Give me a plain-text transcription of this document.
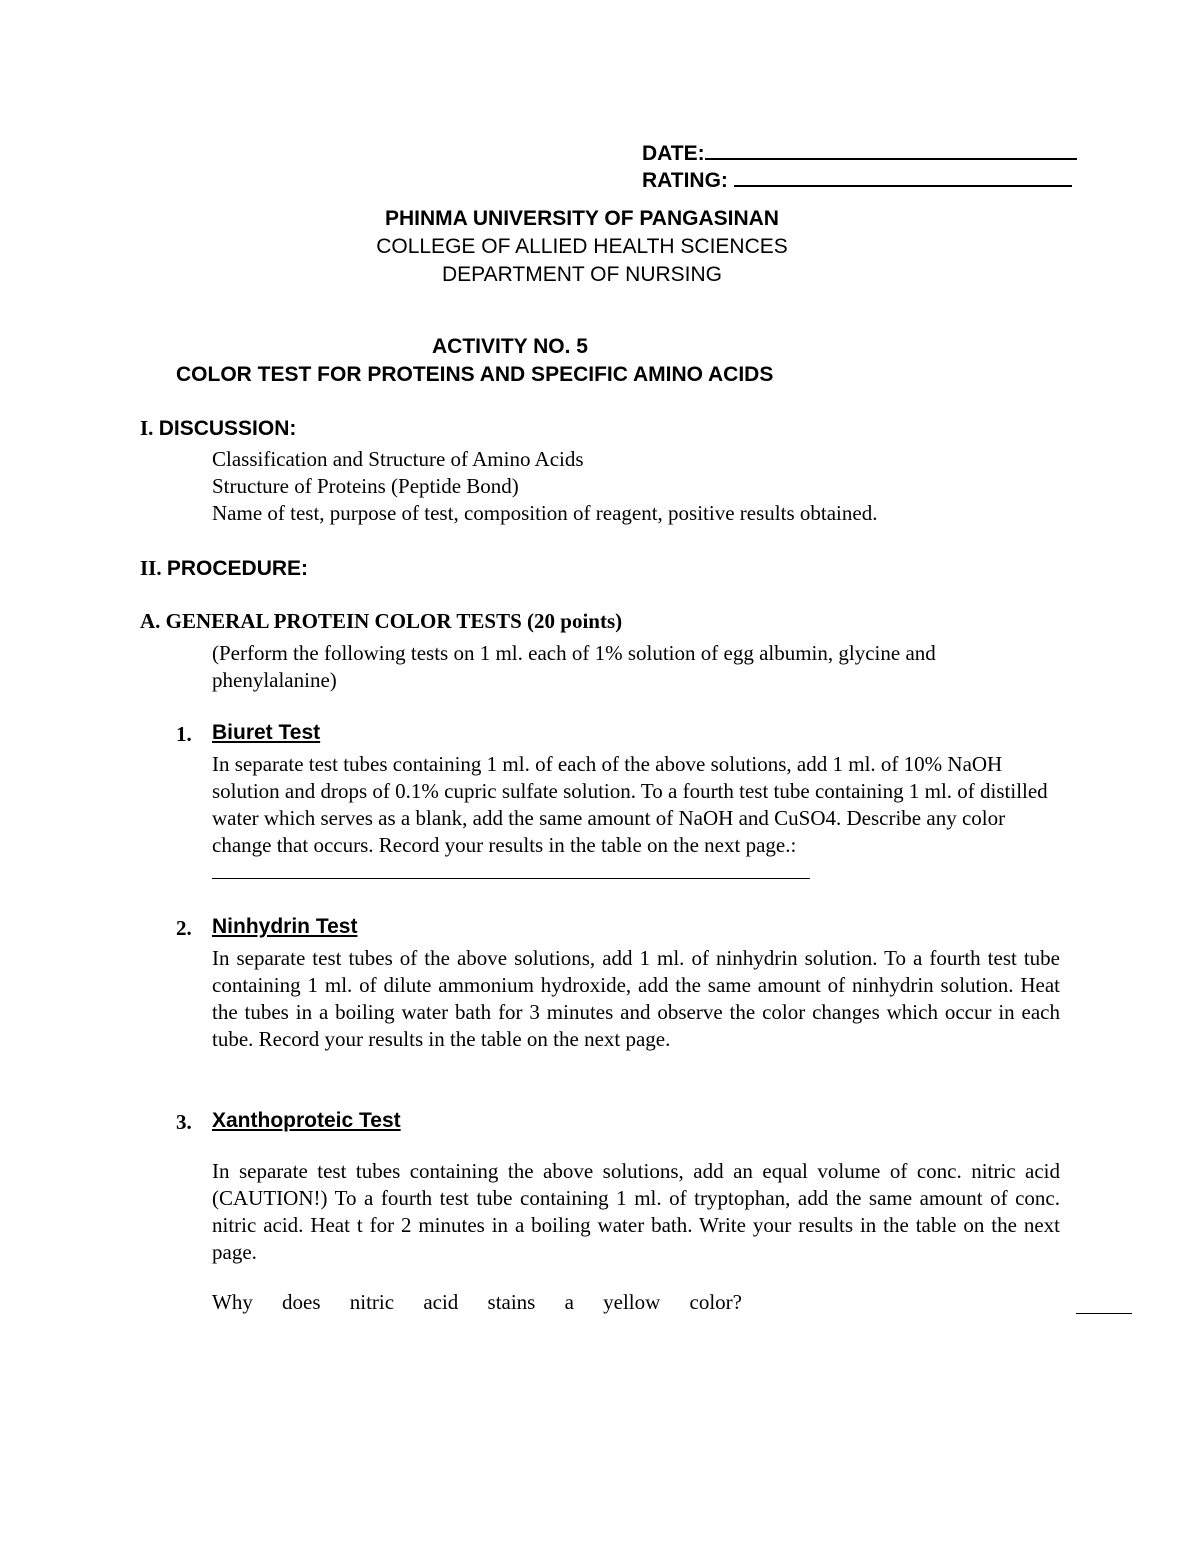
DATE:
RATING:
PHINMA UNIVERSITY OF PANGASINAN
COLLEGE OF ALLIED HEALTH SCIENCES
DEPARTMENT OF NURSING
ACTIVITY NO. 5
COLOR TEST FOR PROTEINS AND SPECIFIC AMINO ACIDS
I. DISCUSSION:
Classification and Structure of Amino Acids
Structure of Proteins (Peptide Bond)
Name of test, purpose of test, composition of reagent, positive results obtained.
II. PROCEDURE:
A. GENERAL PROTEIN COLOR TESTS (20 points)
(Perform the following tests on 1 ml. each of 1% solution of egg albumin, glycine and
phenylalanine)
1. Biuret Test
In separate test tubes containing 1 ml. of each of the above solutions, add 1 ml. of 10% NaOH solution and drops of 0.1% cupric sulfate solution. To a fourth test tube containing 1 ml. of distilled water which serves as a blank, add the same amount of NaOH and CuSO4. Describe any color change that occurs. Record your results in the table on the next page.:
2. Ninhydrin Test
In separate test tubes of the above solutions, add 1 ml. of ninhydrin solution. To a fourth test tube containing 1 ml. of dilute ammonium hydroxide, add the same amount of ninhydrin solution. Heat the tubes in a boiling water bath for 3 minutes and observe the color changes which occur in each tube. Record your results in the table on the next page.
3. Xanthoproteic Test
In separate test tubes containing the above solutions, add an equal volume of conc. nitric acid (CAUTION!) To a fourth test tube containing 1 ml. of tryptophan, add the same amount of conc. nitric acid. Heat t for 2 minutes in a boiling water bath. Write your results in the table on the next page.
Why does nitric acid stains a yellow color?
